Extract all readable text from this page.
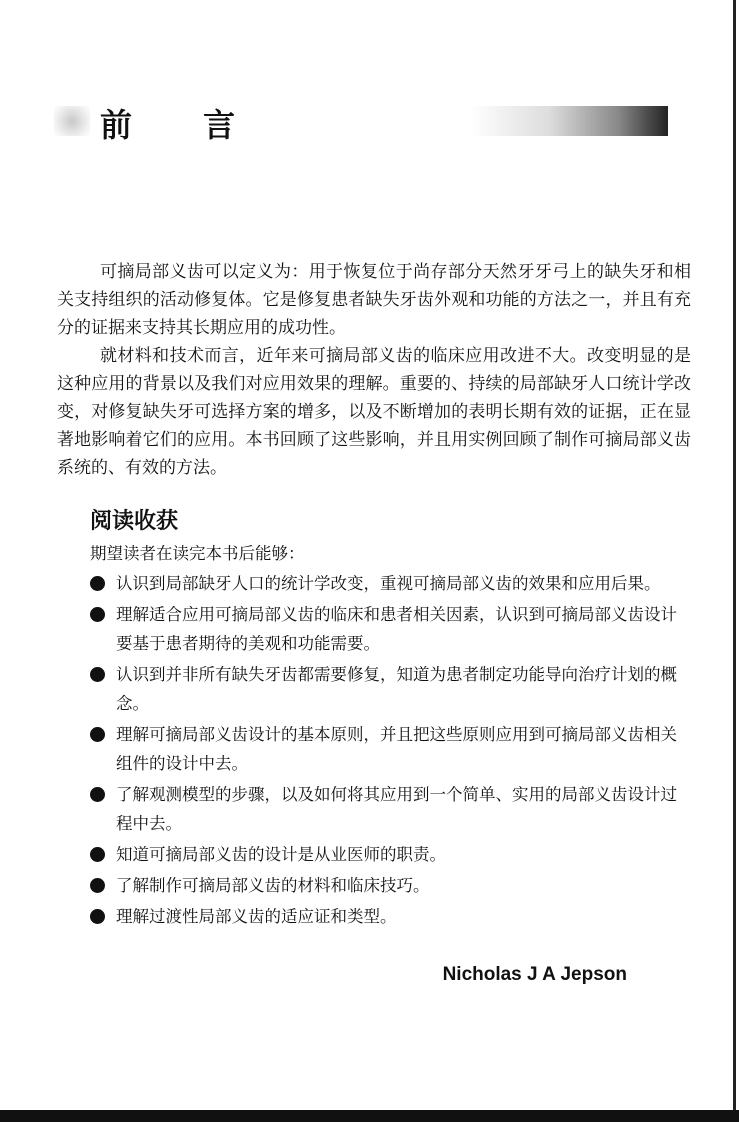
前 言

可摘局部义齿可以定义为：用于恢复位于尚存部分天然牙牙弓上的缺失牙和相关支持组织的活动修复体。它是修复患者缺失牙齿外观和功能的方法之一，并且有充分的证据来支持其长期应用的成功性。

就材料和技术而言，近年来可摘局部义齿的临床应用改进不大。改变明显的是这种应用的背景以及我们对应用效果的理解。重要的、持续的局部缺牙人口统计学改变，对修复缺失牙可选择方案的增多，以及不断增加的表明长期有效的证据，正在显著地影响着它们的应用。本书回顾了这些影响，并且用实例回顾了制作可摘局部义齿系统的、有效的方法。

阅读收获
期望读者在读完本书后能够：
认识到局部缺牙人口的统计学改变，重视可摘局部义齿的效果和应用后果。
理解适合应用可摘局部义齿的临床和患者相关因素，认识到可摘局部义齿设计要基于患者期待的美观和功能需要。
认识到并非所有缺失牙齿都需要修复，知道为患者制定功能导向治疗计划的概念。
理解可摘局部义齿设计的基本原则，并且把这些原则应用到可摘局部义齿相关组件的设计中去。
了解观测模型的步骤，以及如何将其应用到一个简单、实用的局部义齿设计过程中去。
知道可摘局部义齿的设计是从业医师的职责。
了解制作可摘局部义齿的材料和临床技巧。
理解过渡性局部义齿的适应证和类型。
Nicholas J A Jepson
